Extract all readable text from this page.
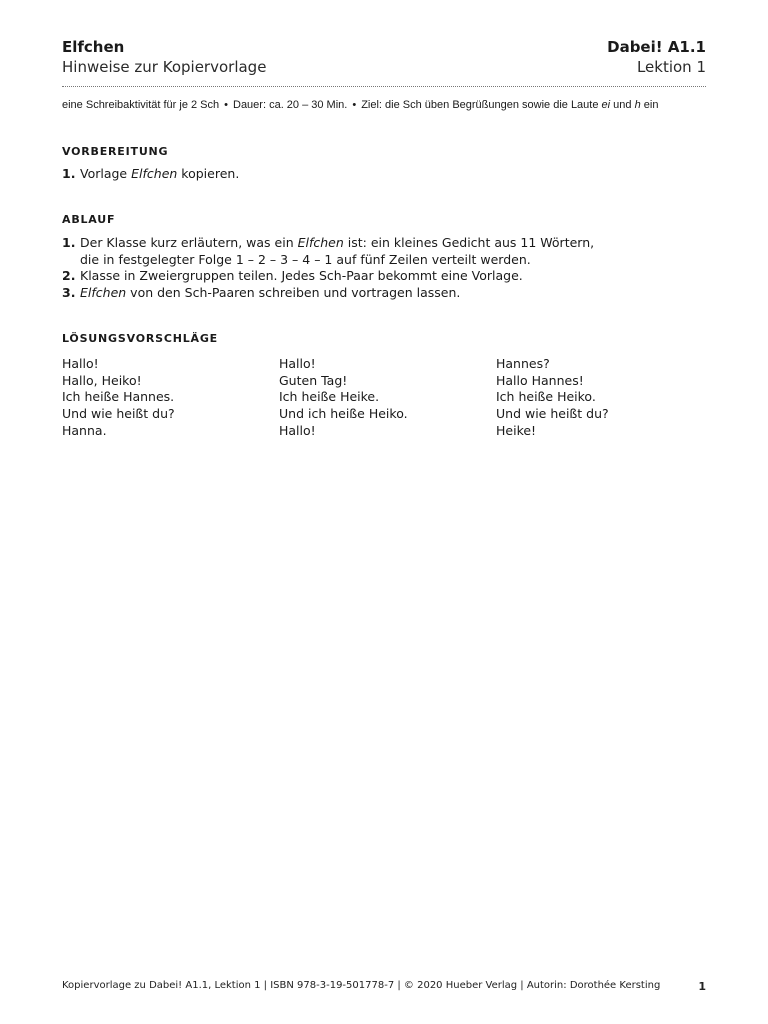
Elfchen
Hinweise zur Kopiervorlage
Dabei! A1.1
Lektion 1
eine Schreibaktivität für je 2 Sch • Dauer: ca. 20 – 30 Min. • Ziel: die Sch üben Begrüßungen sowie die Laute ei und h ein
VORBEREITUNG
1. Vorlage Elfchen kopieren.
ABLAUF
1. Der Klasse kurz erläutern, was ein Elfchen ist: ein kleines Gedicht aus 11 Wörtern,
die in festgelegter Folge 1 – 2 – 3 – 4 – 1 auf fünf Zeilen verteilt werden.
2. Klasse in Zweiergruppen teilen. Jedes Sch-Paar bekommt eine Vorlage.
3. Elfchen von den Sch-Paaren schreiben und vortragen lassen.
LÖSUNGSVORSCHLÄGE
Hallo!
Hallo, Heiko!
Ich heiße Hannes.
Und wie heißt du?
Hanna.
Hallo!
Guten Tag!
Ich heiße Heike.
Und ich heiße Heiko.
Hallo!
Hannes?
Hallo Hannes!
Ich heiße Heiko.
Und wie heißt du?
Heike!
Kopiervorlage zu Dabei! A1.1, Lektion 1 | ISBN 978-3-19-501778-7 | © 2020 Hueber Verlag | Autorin: Dorothée Kersting	1
